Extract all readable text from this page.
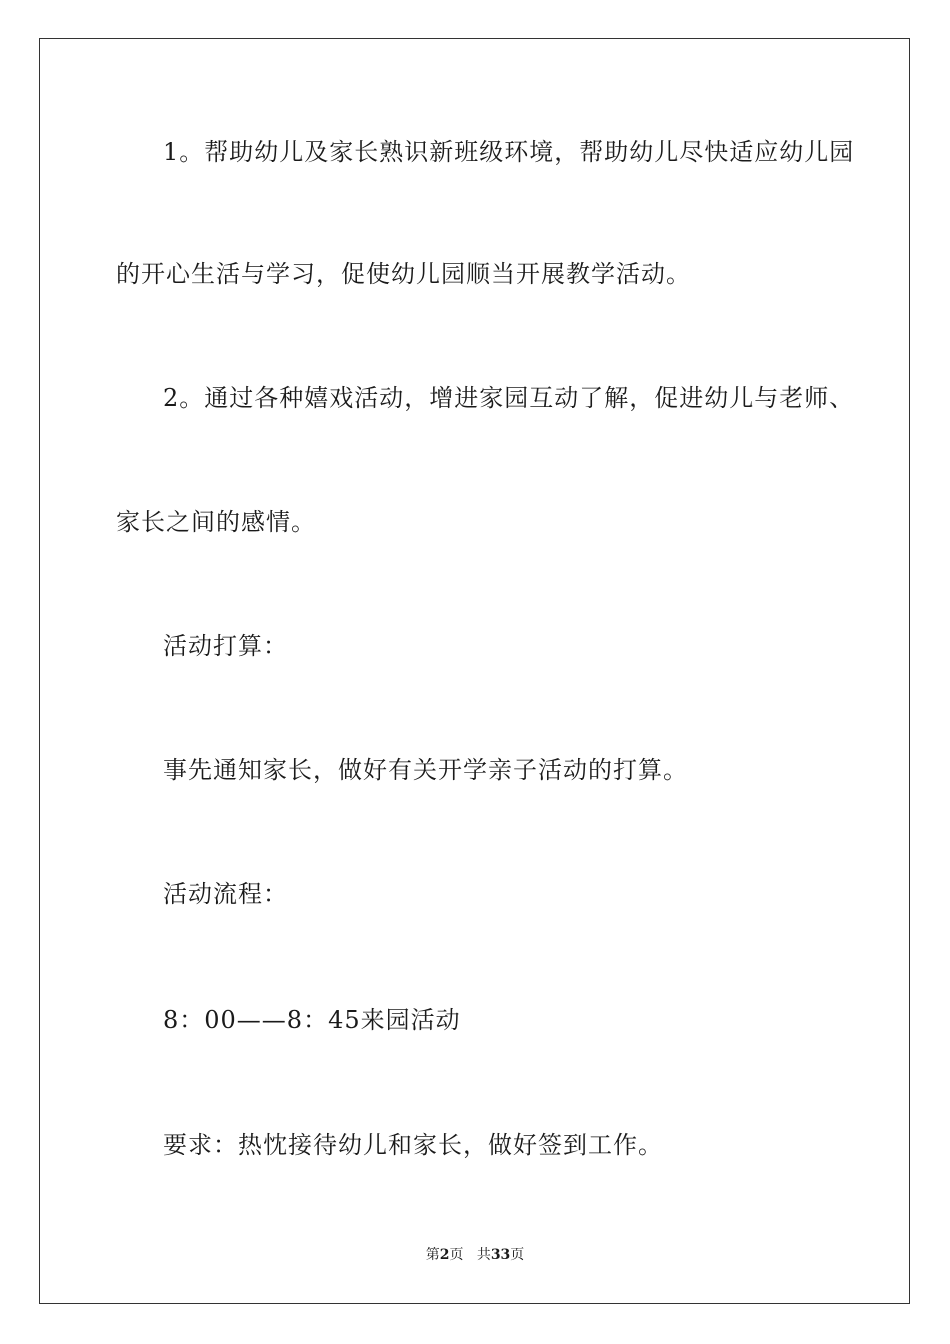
1。帮助幼儿及家长熟识新班级环境，帮助幼儿尽快适应幼儿园
的开心生活与学习，促使幼儿园顺当开展教学活动。
2。通过各种嬉戏活动，增进家园互动了解，促进幼儿与老师、
家长之间的感情。
活动打算：
事先通知家长，做好有关开学亲子活动的打算。
活动流程：
8：00——8：45来园活动
要求：热忱接待幼儿和家长，做好签到工作。
第2页 共33页
